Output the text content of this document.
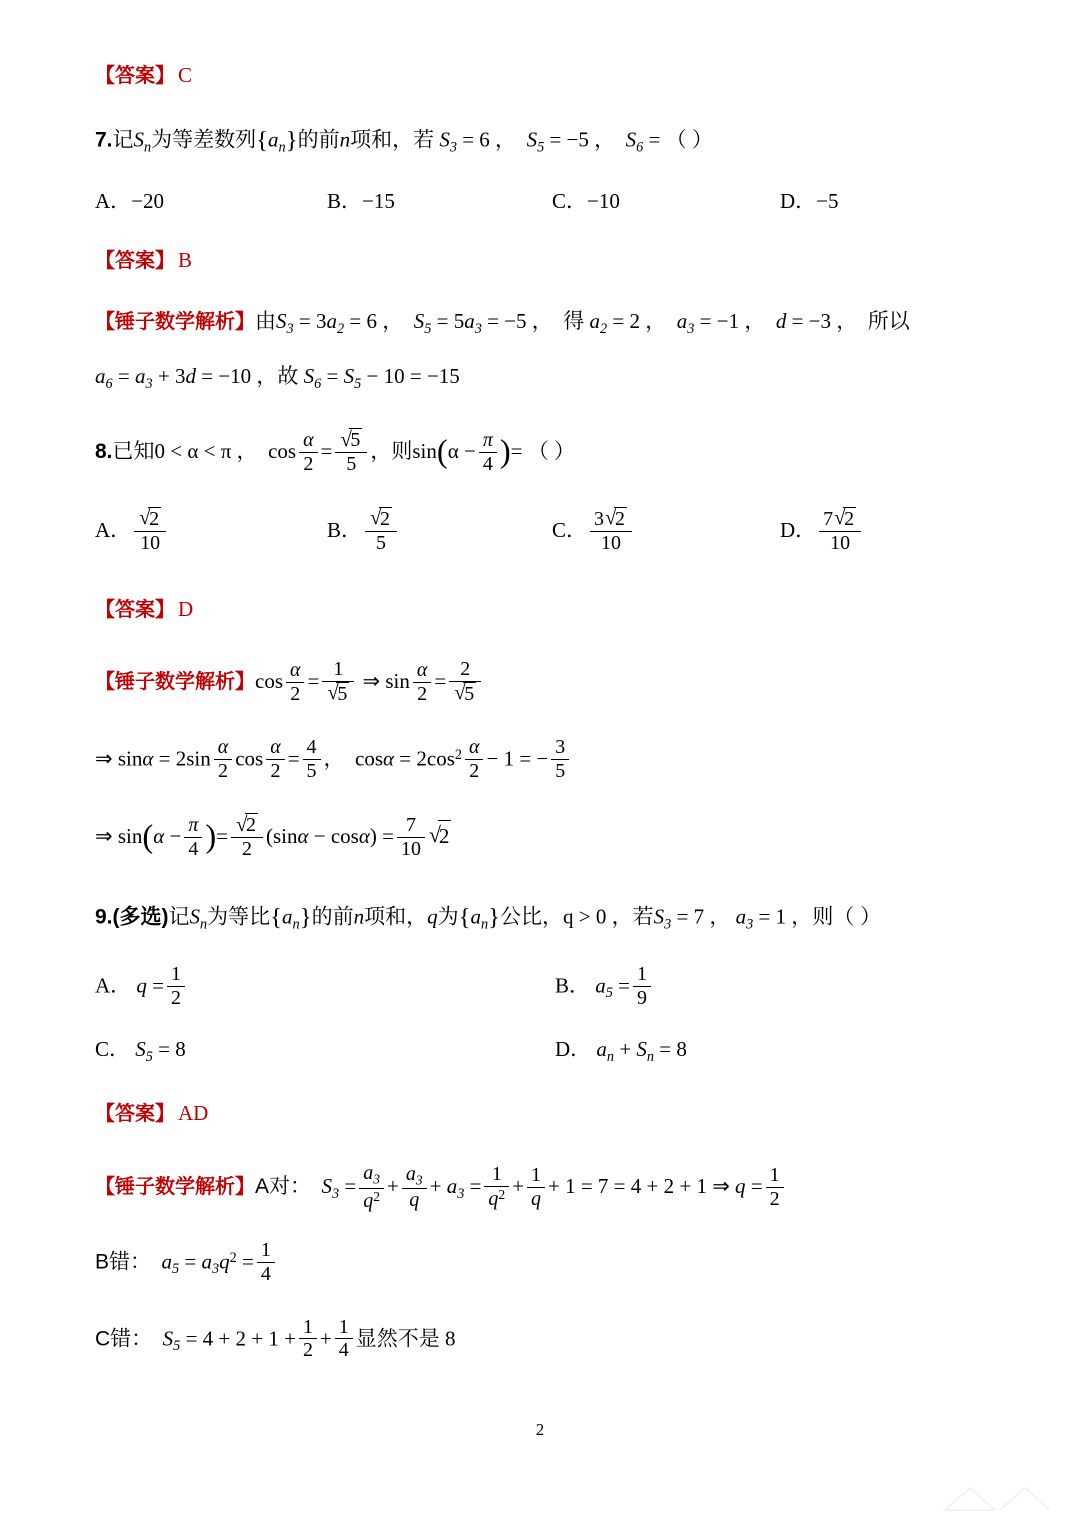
【答案】 C
7.记$S_n$为等差数列$\{a_n\}$的前n项和，若 $S_3 = 6$ ， $S_5 = -5$ ， $S_6$ = （ ）
A．−20	B．−15	C．−10	D．−5
【答案】 B
【锤子数学解析】由$S_3 = 3a_2 = 6$ ，  $S_5 = 5a_3 = -5$ ，  得 $a_2 = 2$ ，  $a_3 = -1$ ，  d = −3 ，  所以
$a_6 = a_3 + 3d = -10$ ，故 $S_6 = S_5 - 10 = -15$
8.已知0 < α < π ， $\cos \frac{\alpha}{2}$ = √ $\frac{5}{5}$ ，则$\sin(\alpha - \frac{\pi}{4}$ )= （ ）
A． √ $\frac{2}{10}$	B． √ $\frac{2}{5}$	C． $\frac{3 √ 2}{10}$	D． $\frac{7 √ 2}{10}$
【答案】 D
【锤子数学解析】$\cos \frac{\alpha}{2} = 1$
√ 5 ⇒ $\sin \frac{\alpha}{2} = 2$
√ 5
⇒ $\sin\alpha = 2\sin \frac{\alpha}{2}$ $\cos \frac{\alpha}{2} = \frac{4}{5}$ ，  $\cos\alpha = 2\cos^2 \frac{\alpha}{2} - 1$ = − $\frac{3}{5}$
⇒ $\sin(\alpha - \frac{\pi}{4}$ )= √ $\frac{2}{2} (\sin\alpha - \cos\alpha) = \frac{7}{10}$ √ 2
9.(多选)记$S_n$为等比$\{a_n\}$的前n项和，q为$\{a_n\}$公比，q > 0 ，若$S_3 = 7$ ， $a_3 = 1$ ，则（ ）
A． $q = \frac{1}{2}$	B． $a_5 = \frac{1}{9}$
C． $S_5 = 8$	D． $a_n + S_n = 8$
【答案】 AD
【锤子数学解析】A对： $S_3 = \frac{a_3}{q^2} + \frac{a_3}{q} + a_3 = \frac{1}{q^2} + \frac{1}{q} + 1 = 7 = 4 + 2 + 1$ ⇒ $q = \frac{1}{2}$
B错： $a_5 = a_3q^2 = \frac{1}{4}$
C错： $S_5 = 4 + 2 + 1 + \frac{1}{2} + \frac{1}{4}$ 显然不是 8
2
